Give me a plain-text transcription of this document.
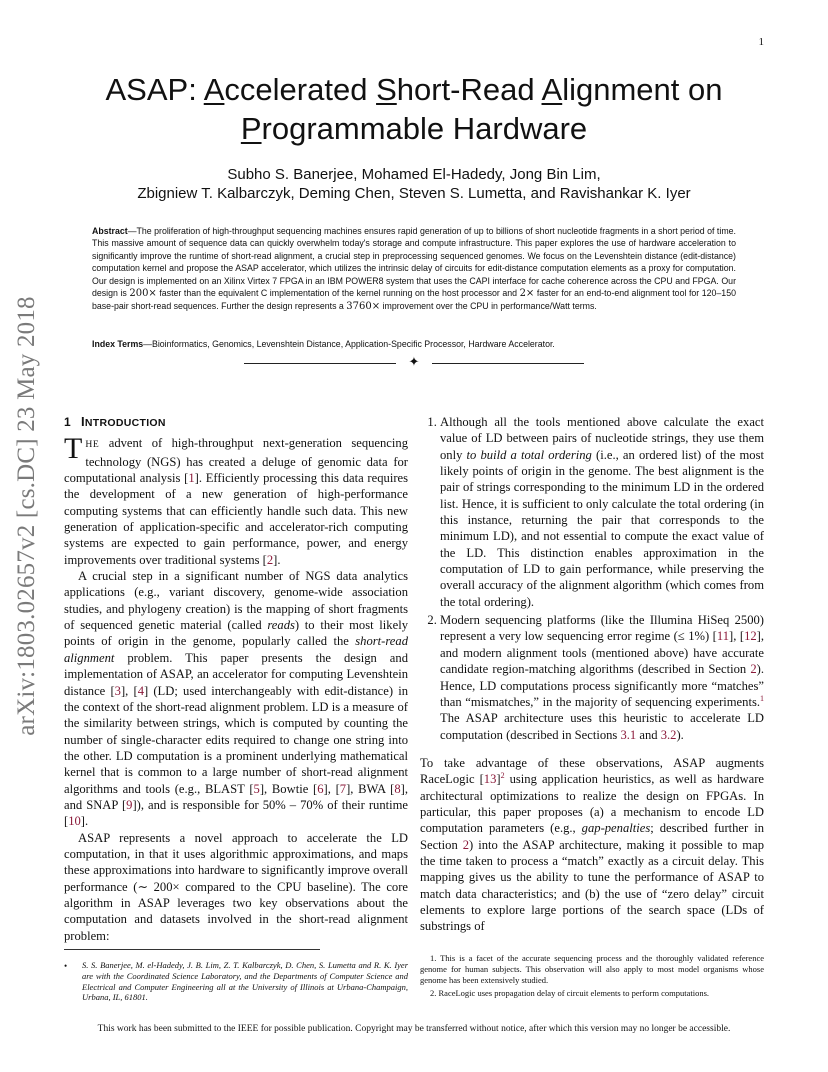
1
arXiv:1803.02657v2 [cs.DC] 23 May 2018
ASAP: Accelerated Short-Read Alignment on
Programmable Hardware
Subho S. Banerjee, Mohamed El-Hadedy, Jong Bin Lim,
Zbigniew T. Kalbarczyk, Deming Chen, Steven S. Lumetta, and Ravishankar K. Iyer
Abstract—The proliferation of high-throughput sequencing machines ensures rapid generation of up to billions of short nucleotide fragments in a short period of time. This massive amount of sequence data can quickly overwhelm today's storage and compute infrastructure. This paper explores the use of hardware acceleration to significantly improve the runtime of short-read alignment, a crucial step in preprocessing sequenced genomes. We focus on the Levenshtein distance (edit-distance) computation kernel and propose the ASAP accelerator, which utilizes the intrinsic delay of circuits for edit-distance computation elements as a proxy for computation. Our design is implemented on an Xilinx Virtex 7 FPGA in an IBM POWER8 system that uses the CAPI interface for cache coherence across the CPU and FPGA. Our design is 200× faster than the equivalent C implementation of the kernel running on the host processor and 2× faster for an end-to-end alignment tool for 120–150 base-pair short-read sequences. Further the design represents a 3760× improvement over the CPU in performance/Watt terms.
Index Terms—Bioinformatics, Genomics, Levenshtein Distance, Application-Specific Processor, Hardware Accelerator.
✦
1 INTRODUCTION

THE advent of high-throughput next-generation sequencing technology (NGS) has created a deluge of genomic data for computational analysis [1]. Efficiently processing this data requires the development of a new generation of high-performance computing systems that can efficiently handle such data. This new generation of application-specific and accelerator-rich computing systems are expected to gain performance, power, and energy improvements over traditional systems [2].

A crucial step in a significant number of NGS data analytics applications (e.g., variant discovery, genome-wide association studies, and phylogeny creation) is the mapping of short fragments of sequenced genetic material (called reads) to their most likely points of origin in the genome, popularly called the short-read alignment problem. This paper presents the design and implementation of ASAP, an accelerator for computing Levenshtein distance [3], [4] (LD; used interchangeably with edit-distance) in the context of the short-read alignment problem. LD is a measure of the similarity between strings, which is computed by counting the number of single-character edits required to change one string into the other. LD computation is a prominent underlying mathematical kernel that is common to a large number of short-read alignment algorithms and tools (e.g., BLAST [5], Bowtie [6], [7], BWA [8], and SNAP [9]), and is responsible for 50% – 70% of their runtime [10].

ASAP represents a novel approach to accelerate the LD computation, in that it uses algorithmic approximations, and maps these approximations into hardware to significantly improve overall performance (∼ 200× compared to the CPU baseline). The core algorithm in ASAP leverages two key observations about the computation and datasets involved in the short-read alignment problem:

1. Although all the tools mentioned above calculate the exact value of LD between pairs of nucleotide strings, they use them only to build a total ordering (i.e., an ordered list) of the most likely points of origin in the genome. The best alignment is the pair of strings corresponding to the minimum LD in the ordered list. Hence, it is sufficient to only calculate the total ordering (in this instance, returning the pair that corresponds to the minimum LD), and not essential to compute the exact value of the LD. This distinction enables approximation in the computation of LD to gain performance, while preserving the overall accuracy of the alignment algorithm (which comes from the total ordering).
2. Modern sequencing platforms (like the Illumina HiSeq 2500) represent a very low sequencing error regime (≤ 1%) [11], [12], and modern alignment tools (mentioned above) have accurate candidate region-matching algorithms (described in Section 2). Hence, LD computations process significantly more “matches” than “mismatches,” in the majority of sequencing experiments.$^1$ The ASAP architecture uses this heuristic to accelerate LD computation (described in Sections 3.1 and 3.2).

To take advantage of these observations, ASAP augments RaceLogic [13]$^2$ using application heuristics, as well as hardware architectural optimizations to realize the design on FPGAs. In particular, this paper proposes (a) a mechanism to encode LD computation parameters (e.g., gap-penalties; described further in Section 2) into the ASAP architecture, making it possible to map the time taken to process a “match” exactly as a circuit delay. This mapping gives us the ability to tune the performance of ASAP to match data characteristics; and (b) the use of “zero delay” circuit elements to explore large portions of the search space (LDs of substrings of

• S. S. Banerjee, M. el-Hadedy, J. B. Lim, Z. T. Kalbarczyk, D. Chen, S. Lumetta and R. K. Iyer are with the Coordinated Science Laboratory, and the Departments of Computer Science and Electrical and Computer Engineering all at the University of Illinois at Urbana-Champaign, Urbana, IL, 61801.

1. This is a facet of the accurate sequencing process and the thoroughly validated reference genome for human subjects. This observation will also apply to most model organisms whose genome has been extensively studied.

2. RaceLogic uses propagation delay of circuit elements to perform computations.

This work has been submitted to the IEEE for possible publication. Copyright may be transferred without notice, after which this version may no longer be accessible.
